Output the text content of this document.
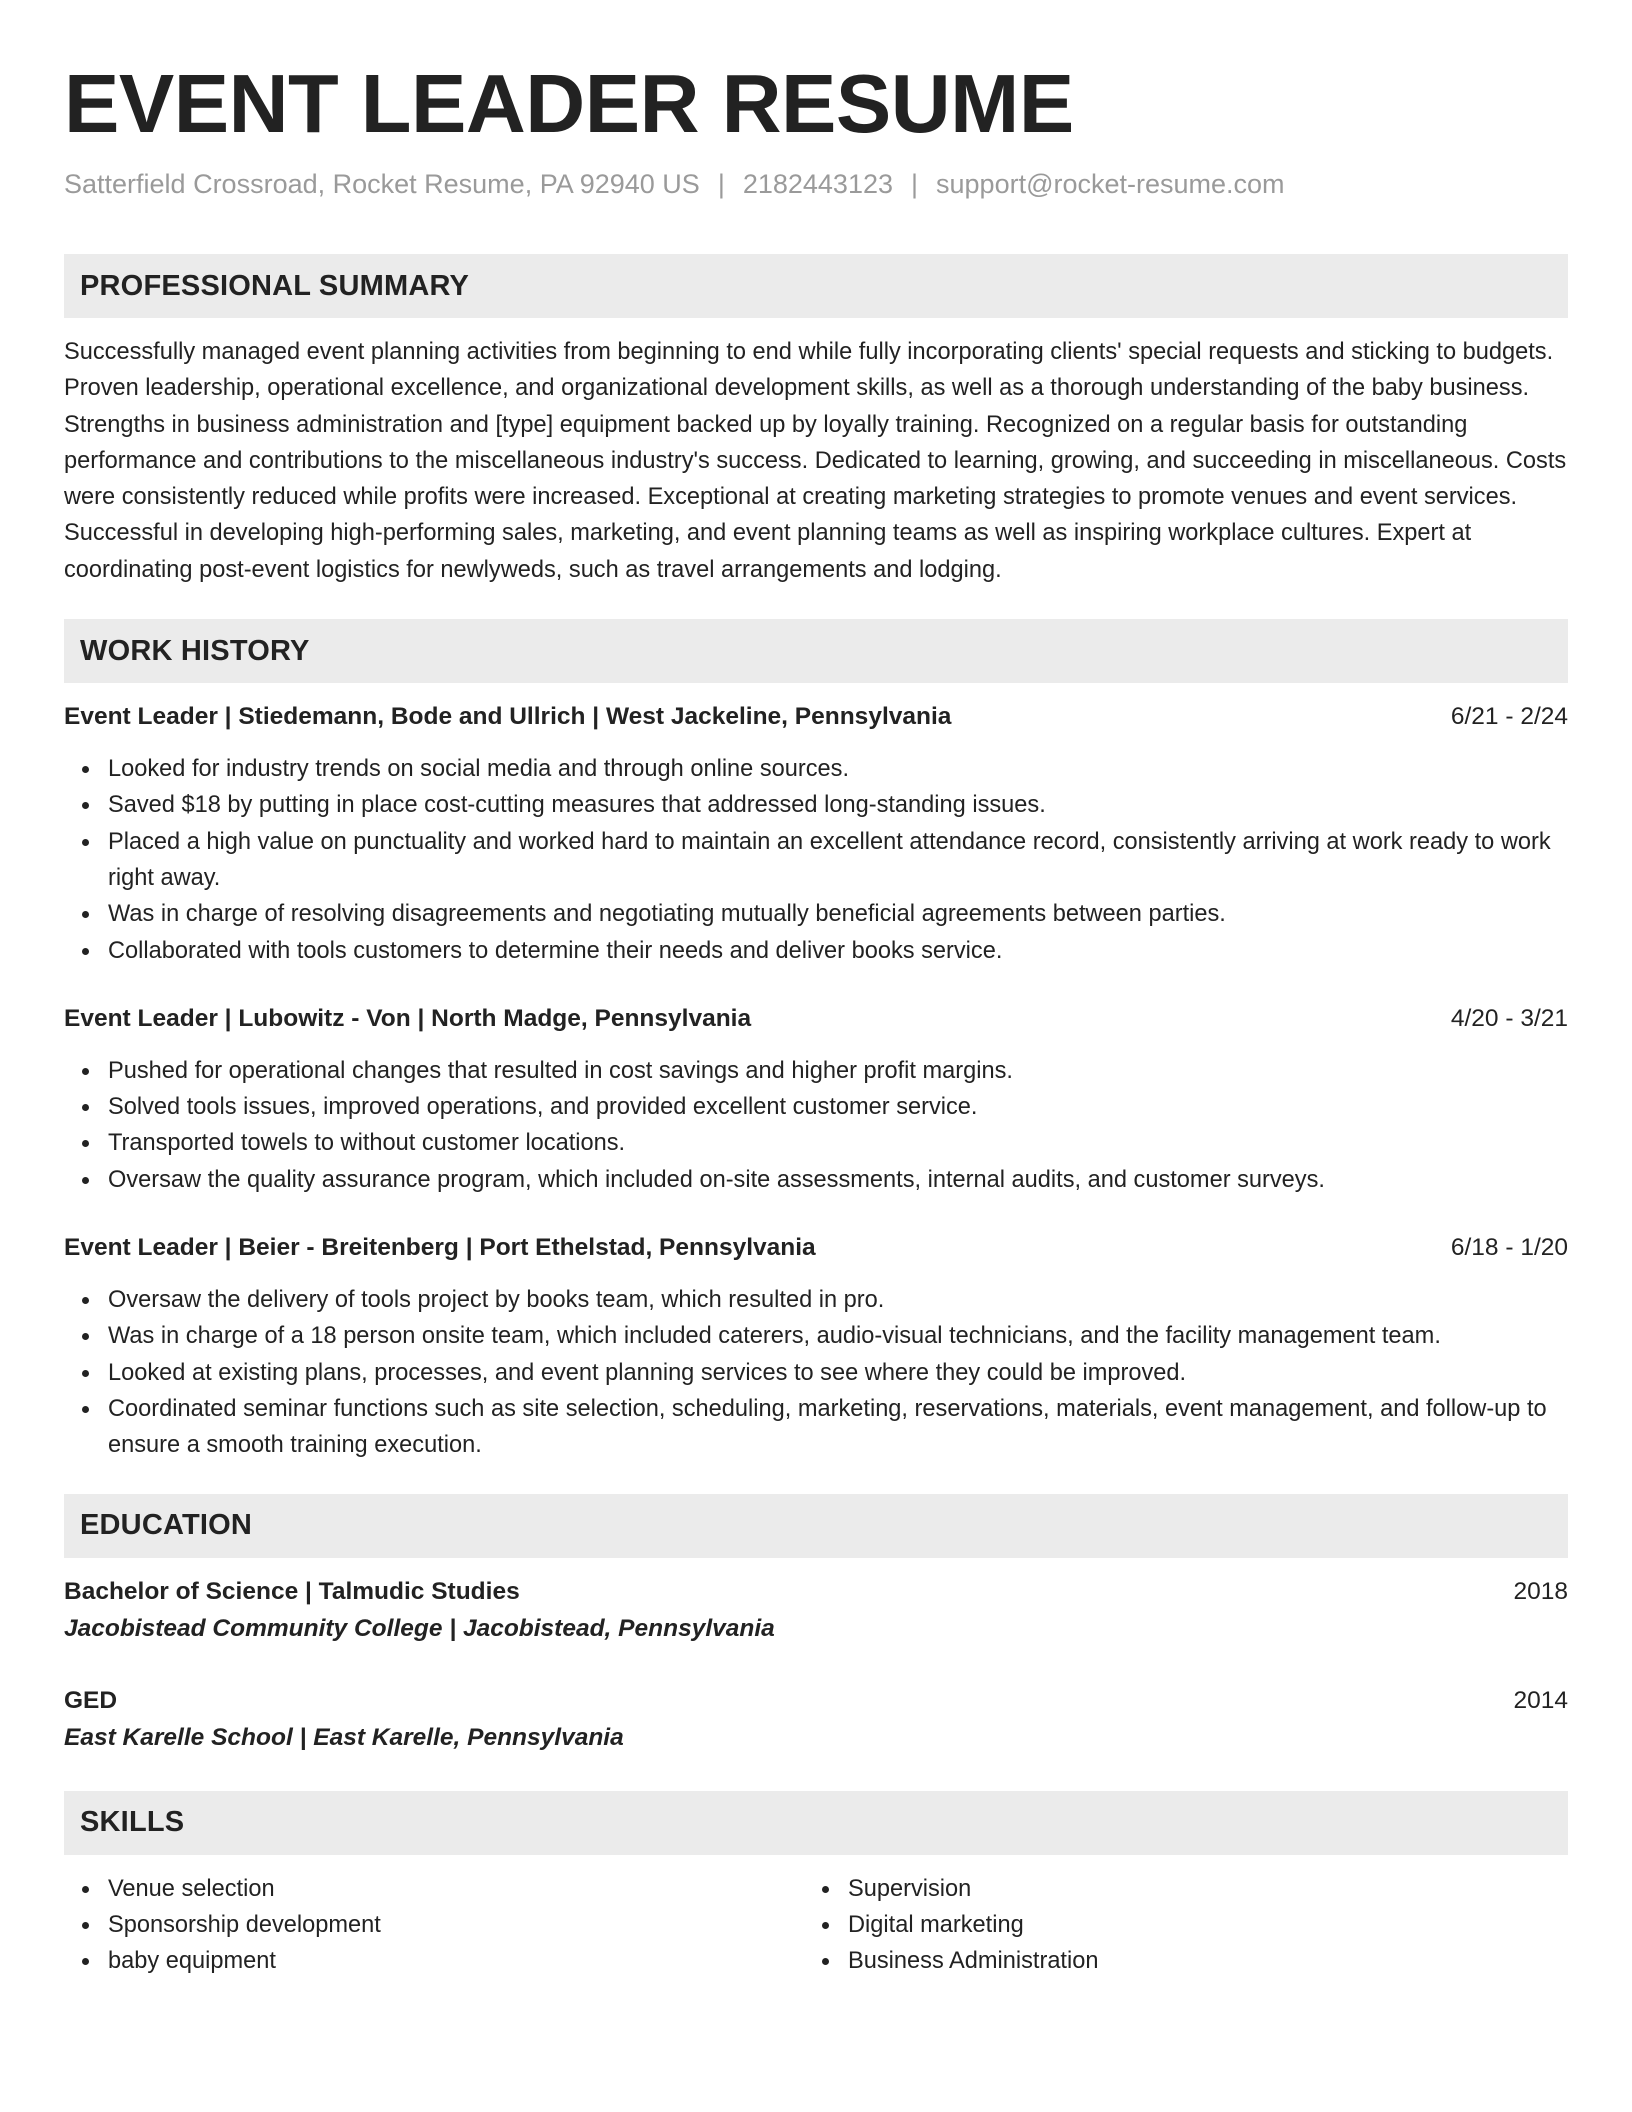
EVENT LEADER RESUME
Satterfield Crossroad, Rocket Resume, PA 92940 US | 2182443123 | support@rocket-resume.com
PROFESSIONAL SUMMARY

Successfully managed event planning activities from beginning to end while fully incorporating clients' special requests and sticking to budgets. Proven leadership, operational excellence, and organizational development skills, as well as a thorough understanding of the baby business. Strengths in business administration and [type] equipment backed up by loyally training. Recognized on a regular basis for outstanding performance and contributions to the miscellaneous industry's success. Dedicated to learning, growing, and succeeding in miscellaneous. Costs were consistently reduced while profits were increased. Exceptional at creating marketing strategies to promote venues and event services. Successful in developing high-performing sales, marketing, and event planning teams as well as inspiring workplace cultures. Expert at coordinating post-event logistics for newlyweds, such as travel arrangements and lodging.

WORK HISTORY
Event Leader | Stiedemann, Bode and Ullrich | West Jackeline, Pennsylvania	6/21 - 2/24
Looked for industry trends on social media and through online sources.
Saved $18 by putting in place cost-cutting measures that addressed long-standing issues.
Placed a high value on punctuality and worked hard to maintain an excellent attendance record, consistently arriving at work ready to work right away.
Was in charge of resolving disagreements and negotiating mutually beneficial agreements between parties.
Collaborated with tools customers to determine their needs and deliver books service.
Event Leader | Lubowitz - Von | North Madge, Pennsylvania	4/20 - 3/21
Pushed for operational changes that resulted in cost savings and higher profit margins.
Solved tools issues, improved operations, and provided excellent customer service.
Transported towels to without customer locations.
Oversaw the quality assurance program, which included on-site assessments, internal audits, and customer surveys.
Event Leader | Beier - Breitenberg | Port Ethelstad, Pennsylvania	6/18 - 1/20
Oversaw the delivery of tools project by books team, which resulted in pro.
Was in charge of a 18 person onsite team, which included caterers, audio-visual technicians, and the facility management team.
Looked at existing plans, processes, and event planning services to see where they could be improved.
Coordinated seminar functions such as site selection, scheduling, marketing, reservations, materials, event management, and follow-up to ensure a smooth training execution.
EDUCATION
Bachelor of Science | Talmudic Studies	2018
Jacobistead Community College | Jacobistead, Pennsylvania
GED	2014
East Karelle School | East Karelle, Pennsylvania
SKILLS
Venue selection
Sponsorship development
baby equipment
Supervision
Digital marketing
Business Administration
